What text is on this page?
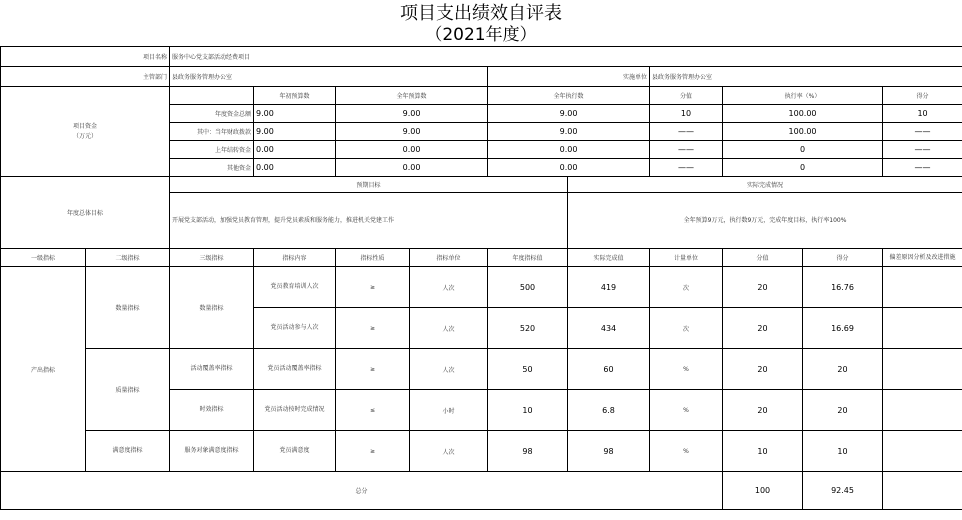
项目支出绩效自评表
（2021年度）
项目名称		服务中心党支部活动经费项目									
主管部门		县政务服务管理办公室				实施单位		县政务服务管理办公室			
项目资金
（万元）			年初预算数	全年预算数		全年执行数		分值	执行率（%）		得分
		年度资金总额	9.00	9.00		9.00		10	100.00		10
		其中：当年财政拨款	9.00	9.00		9.00		——	100.00		——
		上年结转资金	0.00	0.00		0.00		——	0		——
		其他资金	0.00	0.00		0.00		——	0		——
年度总体目标		预期目标					实际完成情况				
		开展党支部活动，加强党员教育管理，提升党员素质和服务能力，推进机关党建工作					全年预算9万元，执行数9万元，完成年度目标，执行率100%				
一级指标	二级指标	三级指标	指标内容	指标性质	指标单位	年度指标值	实际完成值	计量单位	分值	得分	偏差原因分析及改进措施
产出指标	数量指标	数量指标	党员教育培训人次	≥	人次	500	419	次	20	16.76	
			党员活动参与人次	≥	人次	520	434	次	20	16.69	
	质量指标	活动覆盖率指标	党员活动覆盖率指标	≥	人次	50	60	%	20	20	
		时效指标	党员活动按时完成情况	≤	小时	10	6.8	%	20	20	
	满意度指标	服务对象满意度指标	党员满意度	≥	人次	98	98	%	10	10	
总分									100	92.45	
